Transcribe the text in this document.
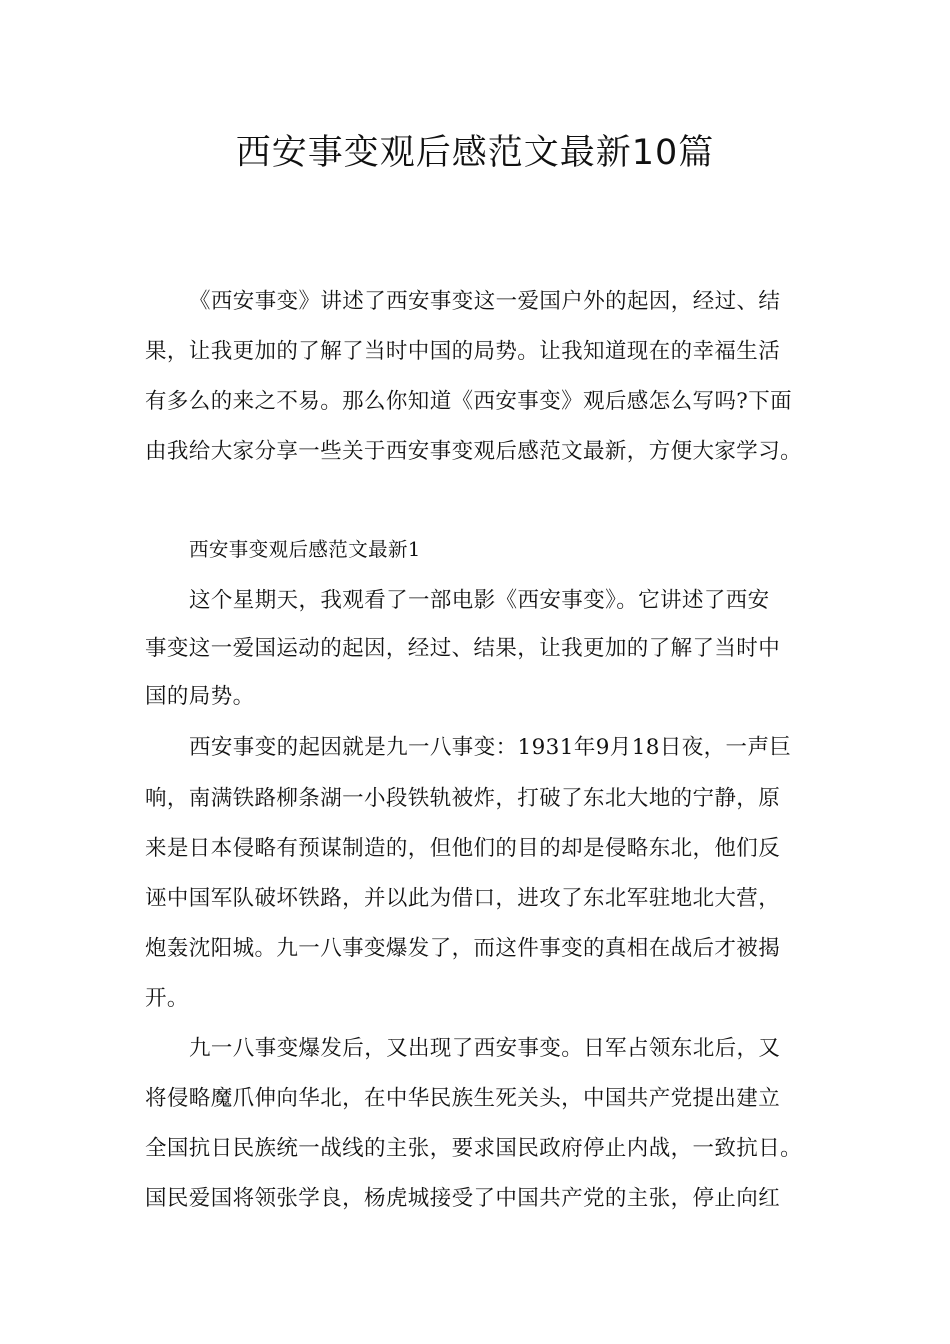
西安事变观后感范文最新10篇
《西安事变》讲述了西安事变这一爱国户外的起因，经过、结
果，让我更加的了解了当时中国的局势。让我知道现在的幸福生活
有多么的来之不易。那么你知道《西安事变》观后感怎么写吗?下面
由我给大家分享一些关于西安事变观后感范文最新，方便大家学习。
西安事变观后感范文最新1
这个星期天，我观看了一部电影《西安事变》。它讲述了西安
事变这一爱国运动的起因，经过、结果，让我更加的了解了当时中
国的局势。
西安事变的起因就是九一八事变：1931年9月18日夜，一声巨
响，南满铁路柳条湖一小段铁轨被炸，打破了东北大地的宁静，原
来是日本侵略有预谋制造的，但他们的目的却是侵略东北，他们反
诬中国军队破坏铁路，并以此为借口，进攻了东北军驻地北大营，
炮轰沈阳城。九一八事变爆发了，而这件事变的真相在战后才被揭
开。
九一八事变爆发后，又出现了西安事变。日军占领东北后，又
将侵略魔爪伸向华北，在中华民族生死关头，中国共产党提出建立
全国抗日民族统一战线的主张，要求国民政府停止内战，一致抗日。
国民爱国将领张学良，杨虎城接受了中国共产党的主张，停止向红
